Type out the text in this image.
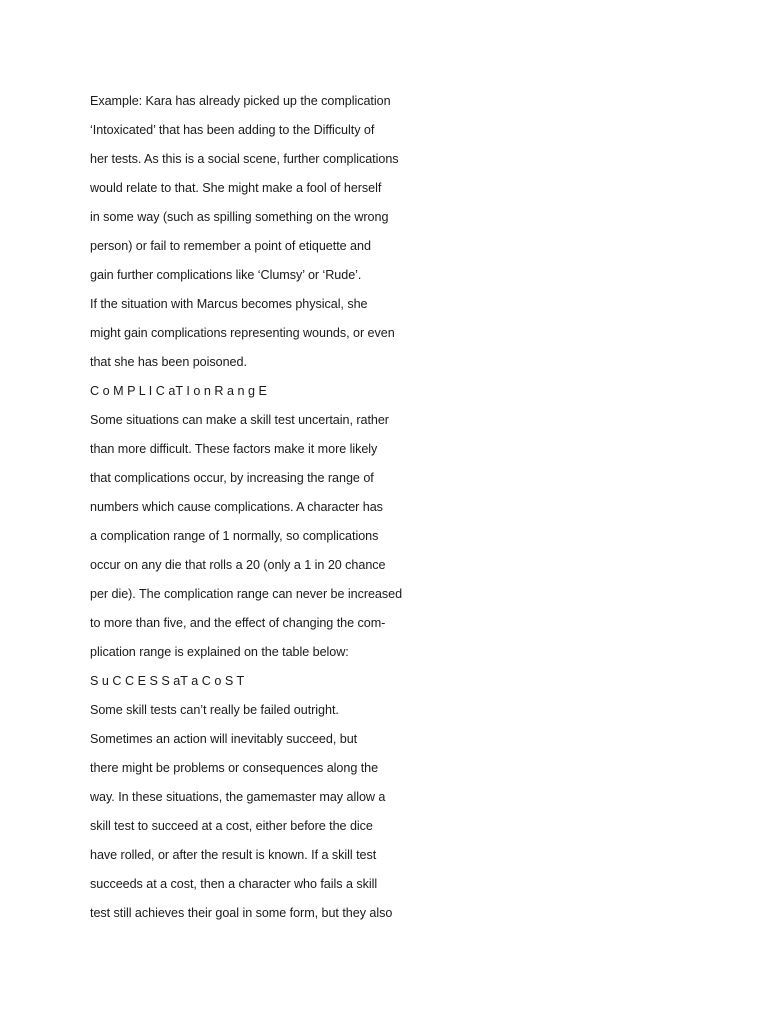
Example: Kara has already picked up the complication
‘Intoxicated’ that has been adding to the Difficulty of
her tests. As this is a social scene, further complications
would relate to that. She might make a fool of herself
in some way (such as spilling something on the wrong
person) or fail to remember a point of etiquette and
gain further complications like ‘Clumsy’ or ‘Rude’.
If the situation with Marcus becomes physical, she
might gain complications representing wounds, or even
that she has been poisoned.
C o M P L I C aT I o n R a n g E
Some situations can make a skill test uncertain, rather
than more difficult. These factors make it more likely
that complications occur, by increasing the range of
numbers which cause complications. A character has
a complication range of 1 normally, so complications
occur on any die that rolls a 20 (only a 1 in 20 chance
per die). The complication range can never be increased
to more than five, and the effect of changing the com-
plication range is explained on the table below:
S u C C E S S aT a C o S T
Some skill tests can’t really be failed outright.
Sometimes an action will inevitably succeed, but
there might be problems or consequences along the
way. In these situations, the gamemaster may allow a
skill test to succeed at a cost, either before the dice
have rolled, or after the result is known. If a skill test
succeeds at a cost, then a character who fails a skill
test still achieves their goal in some form, but they also
